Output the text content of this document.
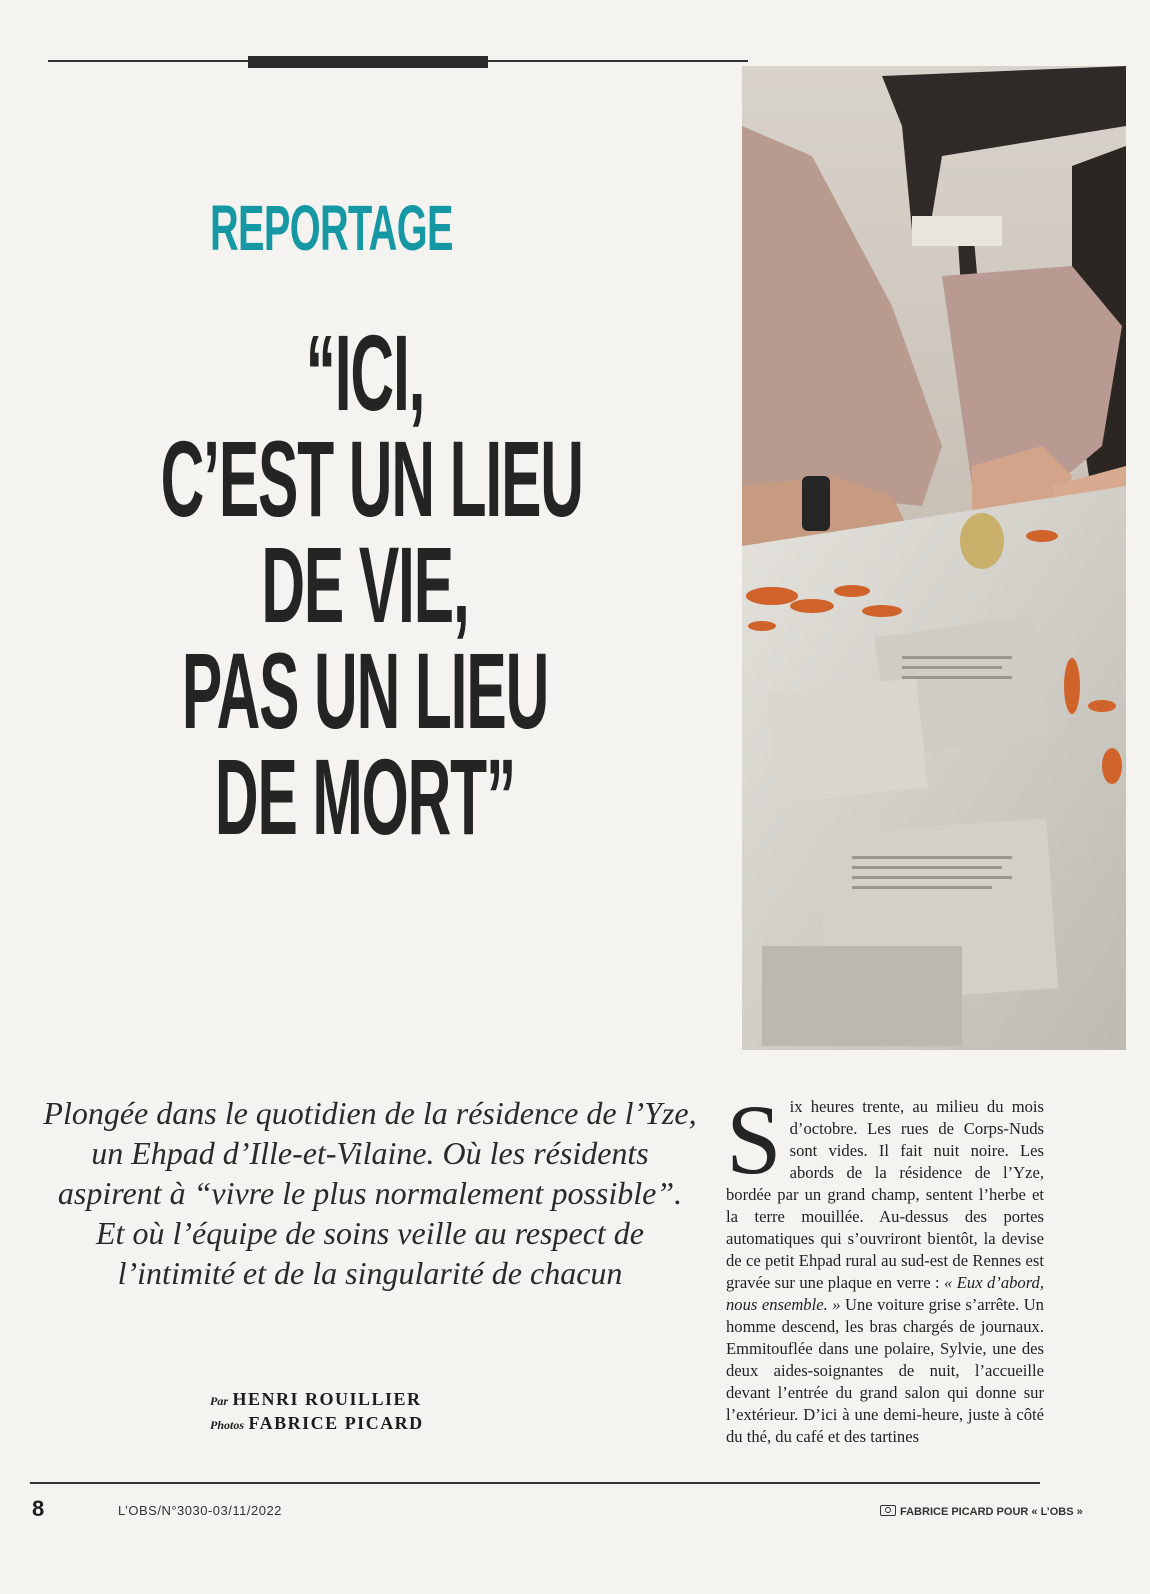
REPORTAGE
“ICI,
C’EST UN LIEU
DE VIE,
PAS UN LIEU
DE MORT”

Plongée dans le quotidien de la résidence de l’Yze, un Ehpad d’Ille-et-Vilaine. Où les résidents aspirent à “vivre le plus normalement possible”. Et où l’équipe de soins veille au respect de l’intimité et de la singularité de chacun

Par HENRI ROUILLIER
Photos FABRICE PICARD
Six heures trente, au milieu du mois d’octobre. Les rues de Corps-Nuds sont vides. Il fait nuit noire. Les abords de la résidence de l’Yze, bordée par un grand champ, sentent l’herbe et la terre mouillée. Au-dessus des portes automatiques qui s’ouvriront bientôt, la devise de ce petit Ehpad rural au sud-est de Rennes est gravée sur une plaque en verre : « Eux d’abord, nous ensemble. » Une voiture grise s’arrête. Un homme descend, les bras chargés de journaux. Emmitouflée dans une polaire, Sylvie, une des deux aides-soignantes de nuit, l’accueille devant l’entrée du grand salon qui donne sur l’extérieur. D’ici à une demi-heure, juste à côté du thé, du café et des tartines
8	L’OBS/N°3030-03/11/2022	FABRICE PICARD POUR « L’OBS »
